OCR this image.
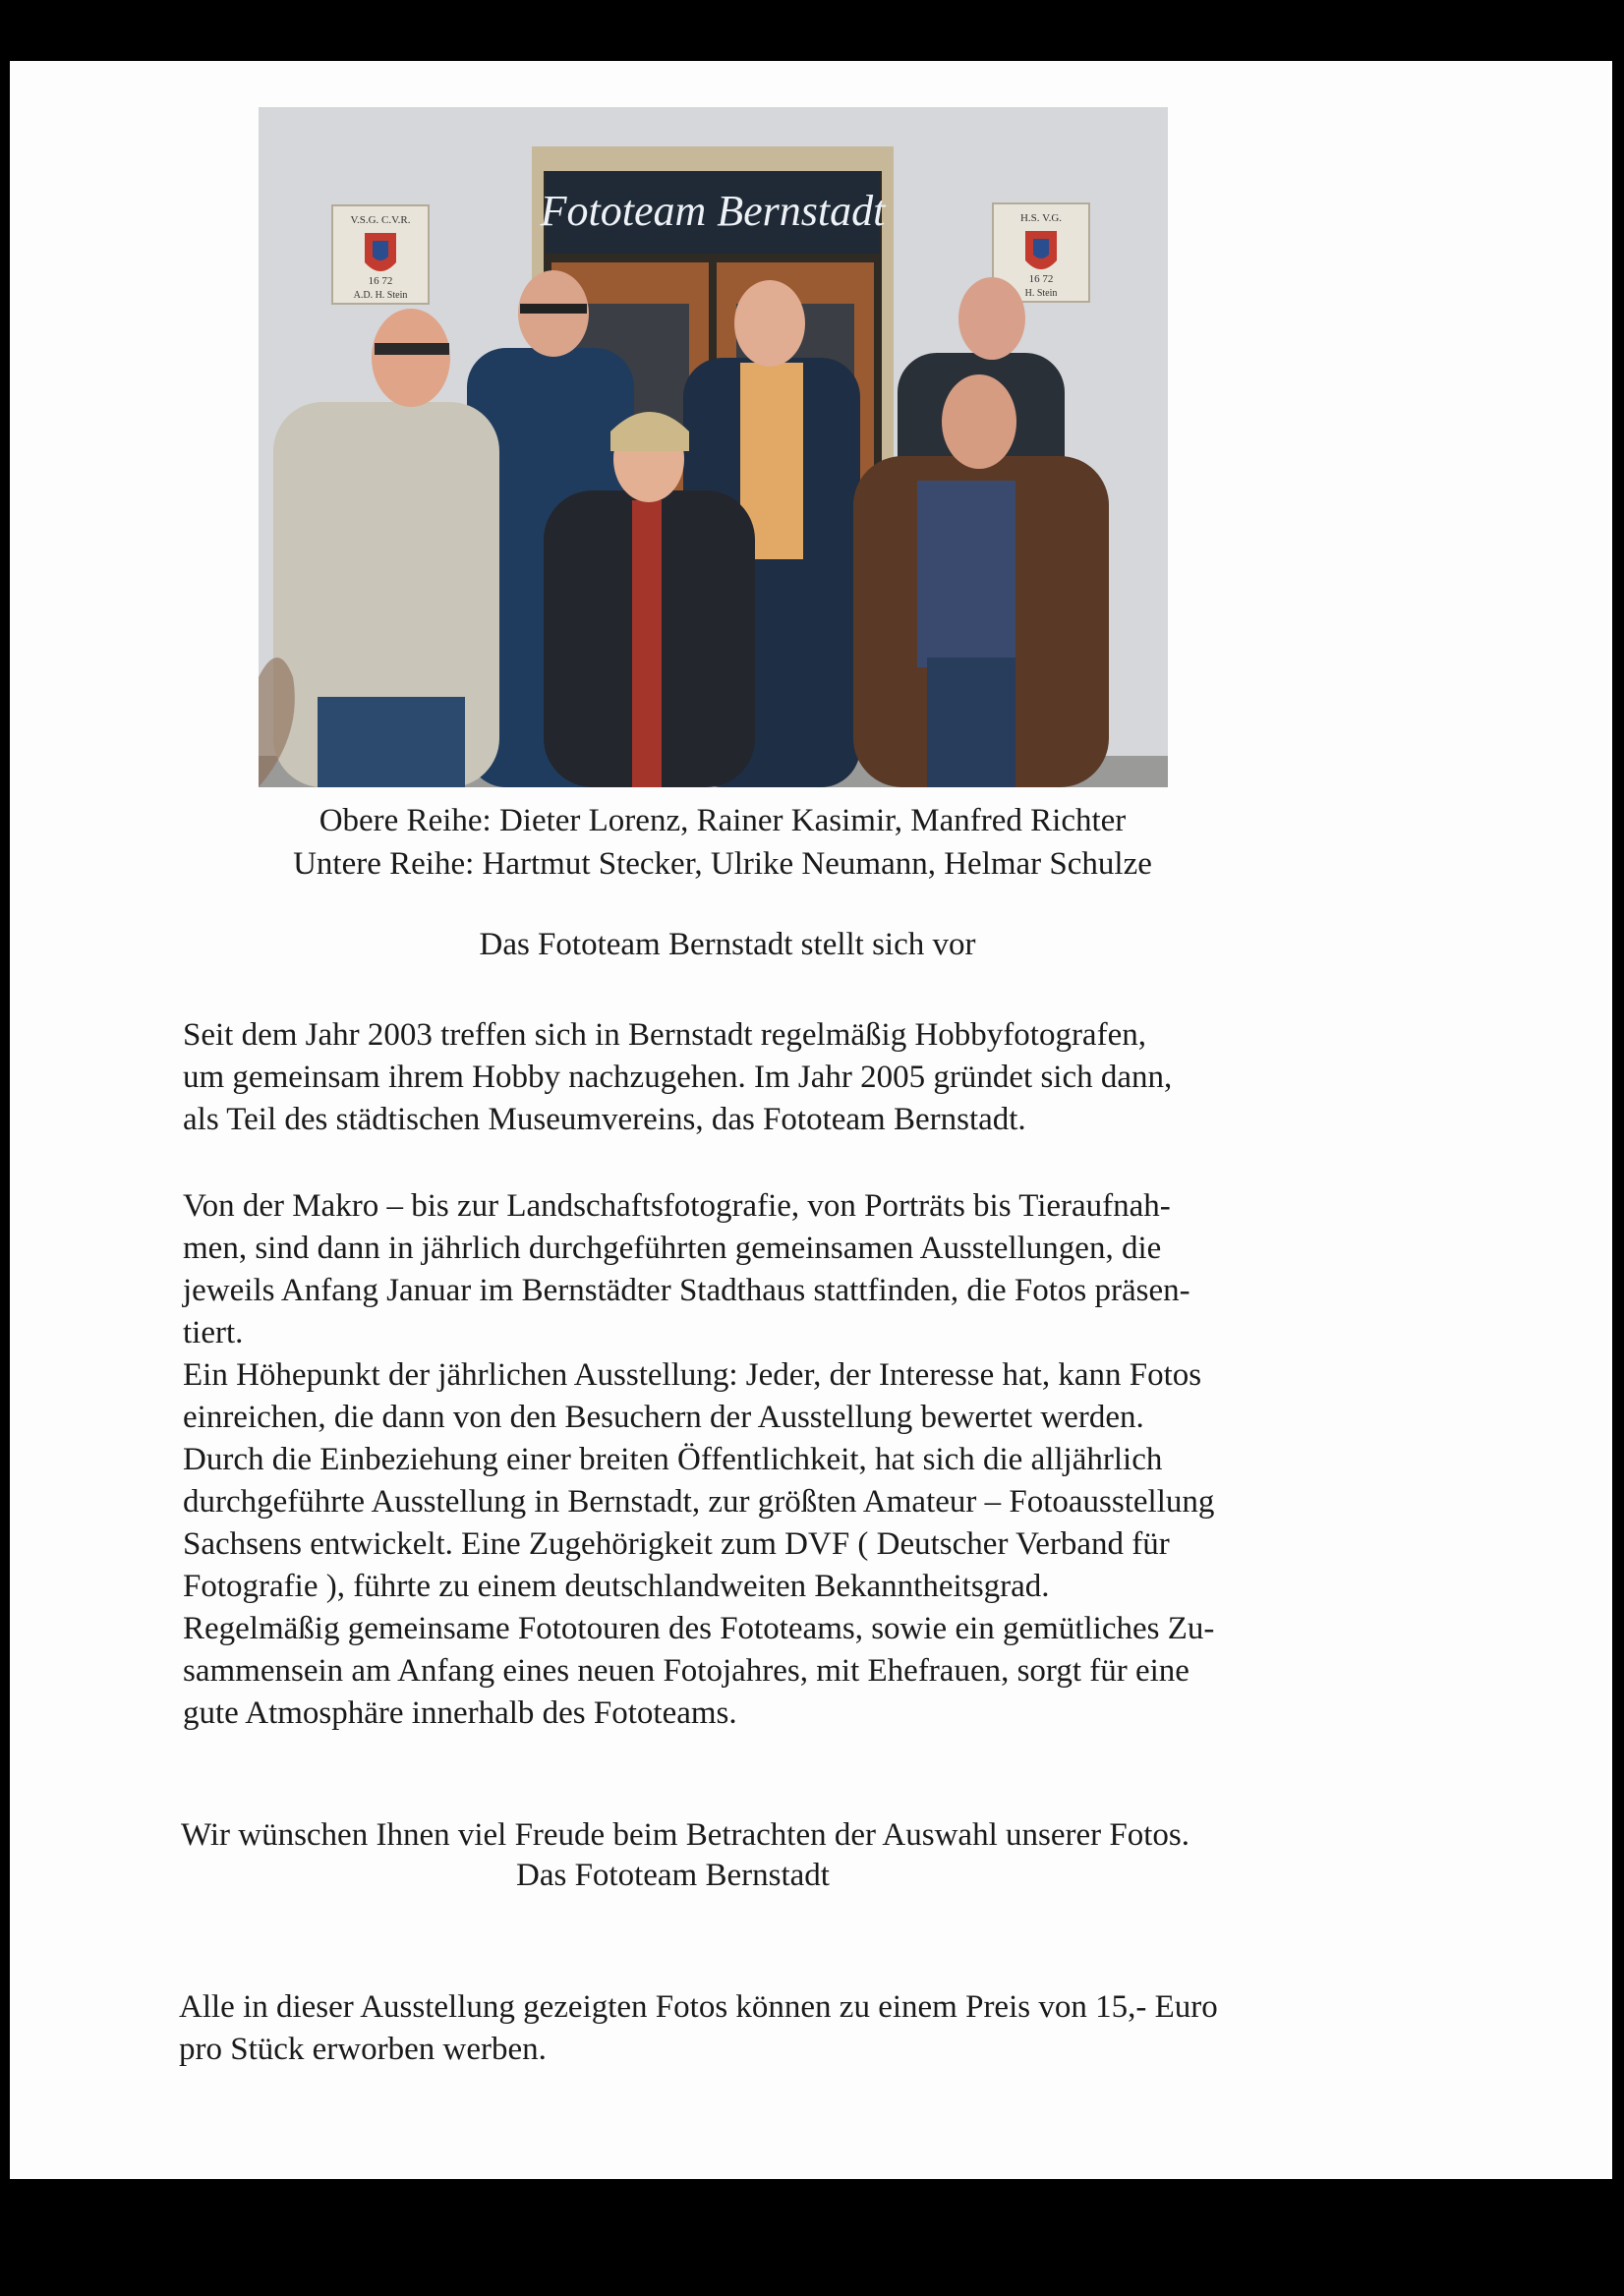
Fototeam Bernstadt
V.S.G. C.V.R.
16 72
A.D. H. Stein
H.S. V.G.
16 72
H. Stein
Obere Reihe: Dieter Lorenz, Rainer Kasimir, Manfred Richter
Untere Reihe: Hartmut Stecker, Ulrike Neumann, Helmar Schulze
Das Fototeam Bernstadt stellt sich vor
Seit dem Jahr 2003 treffen sich in Bernstadt regelmäßig Hobbyfotografen,
um gemeinsam ihrem Hobby nachzugehen. Im Jahr 2005 gründet sich dann,
als Teil des städtischen Museumvereins, das Fototeam Bernstadt.
Von der Makro – bis zur Landschaftsfotografie, von Porträts bis Tieraufnah-
men, sind dann in jährlich durchgeführten gemeinsamen Ausstellungen, die
jeweils Anfang Januar im Bernstädter Stadthaus stattfinden, die Fotos präsen-
tiert.
Ein Höhepunkt der jährlichen Ausstellung: Jeder, der Interesse hat, kann Fotos
einreichen, die dann von den Besuchern der Ausstellung bewertet werden.
Durch die Einbeziehung einer breiten Öffentlichkeit, hat sich die alljährlich
durchgeführte Ausstellung in Bernstadt, zur größten Amateur – Fotoausstellung
Sachsens entwickelt. Eine Zugehörigkeit zum DVF ( Deutscher Verband für
Fotografie ), führte zu einem deutschlandweiten Bekanntheitsgrad.
Regelmäßig gemeinsame Fototouren des Fototeams, sowie ein gemütliches Zu-
sammensein am Anfang eines neuen Fotojahres, mit Ehefrauen, sorgt für eine
gute Atmosphäre innerhalb des Fototeams.
Wir wünschen Ihnen viel Freude beim Betrachten der Auswahl unserer Fotos.
Das Fototeam Bernstadt
Alle in dieser Ausstellung gezeigten Fotos können zu einem Preis von 15,- Euro
pro Stück erworben werben.
